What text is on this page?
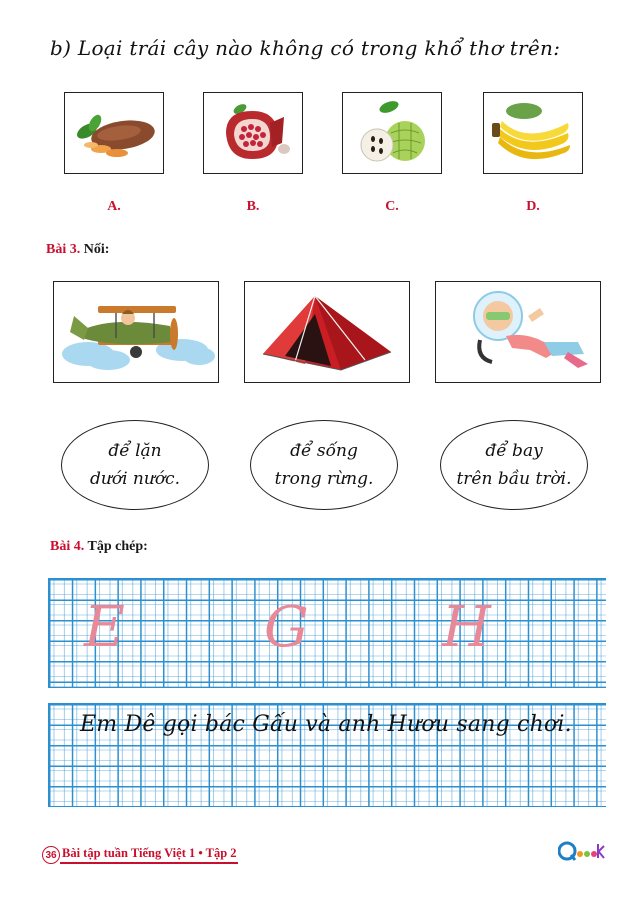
b) Loại trái cây nào không có trong khổ thơ trên:
A.	B.	C.	D.
Bài 3. Nối:
để lặn
dưới nước.
để sống
trong rừng.
để bay
trên bầu trời.
Bài 4. Tập chép:
E G H
Em Dê gọi bác Gấu và anh Hươu sang chơi.
36 Bài tập tuần Tiếng Việt 1 • Tập 2
